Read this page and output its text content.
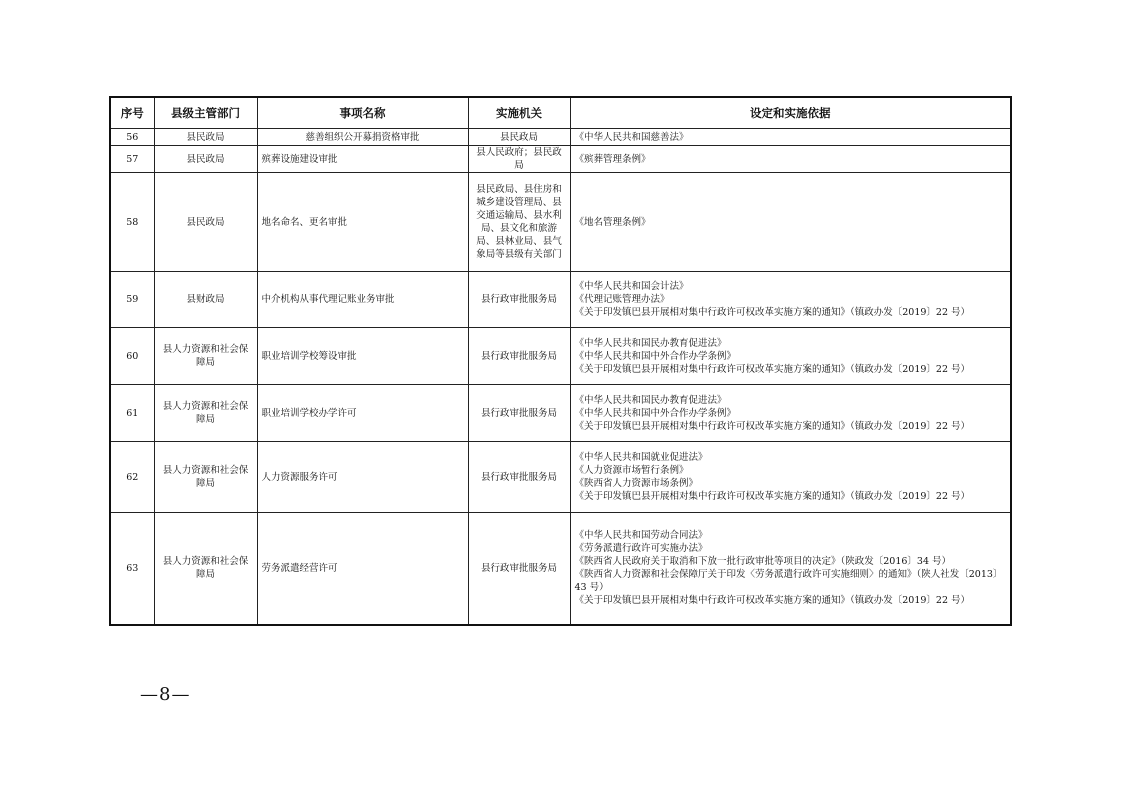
序号	县级主管部门	事项名称	实施机关	设定和实施依据
56	县民政局	慈善组织公开募捐资格审批	县民政局	《中华人民共和国慈善法》

57	县民政局	殡葬设施建设审批	县人民政府；县民政局	《殡葬管理条例》

58	县民政局	地名命名、更名审批	县民政局、县住房和城乡建设管理局、县交通运输局、县水利局、县文化和旅游局、县林业局、县气象局等县级有关部门	《地名管理条例》

59	县财政局	中介机构从事代理记账业务审批	县行政审批服务局	《中华人民共和国会计法》
《代理记账管理办法》
《关于印发镇巴县开展相对集中行政许可权改革实施方案的通知》（镇政办发〔2019〕22 号）

60	县人力资源和社会保障局	职业培训学校筹设审批	县行政审批服务局	《中华人民共和国民办教育促进法》
《中华人民共和国中外合作办学条例》
《关于印发镇巴县开展相对集中行政许可权改革实施方案的通知》（镇政办发〔2019〕22 号）

61	县人力资源和社会保障局	职业培训学校办学许可	县行政审批服务局	《中华人民共和国民办教育促进法》
《中华人民共和国中外合作办学条例》
《关于印发镇巴县开展相对集中行政许可权改革实施方案的通知》（镇政办发〔2019〕22 号）

62	县人力资源和社会保障局	人力资源服务许可	县行政审批服务局	《中华人民共和国就业促进法》
《人力资源市场暂行条例》
《陕西省人力资源市场条例》
《关于印发镇巴县开展相对集中行政许可权改革实施方案的通知》（镇政办发〔2019〕22 号）

63	县人力资源和社会保障局	劳务派遣经营许可	县行政审批服务局	《中华人民共和国劳动合同法》
《劳务派遣行政许可实施办法》
《陕西省人民政府关于取消和下放一批行政审批等项目的决定》（陕政发〔2016〕34 号）
《陕西省人力资源和社会保障厅关于印发〈劳务派遣行政许可实施细则〉的通知》（陕人社发〔2013〕43 号）
《关于印发镇巴县开展相对集中行政许可权改革实施方案的通知》（镇政办发〔2019〕22 号）
—8—
